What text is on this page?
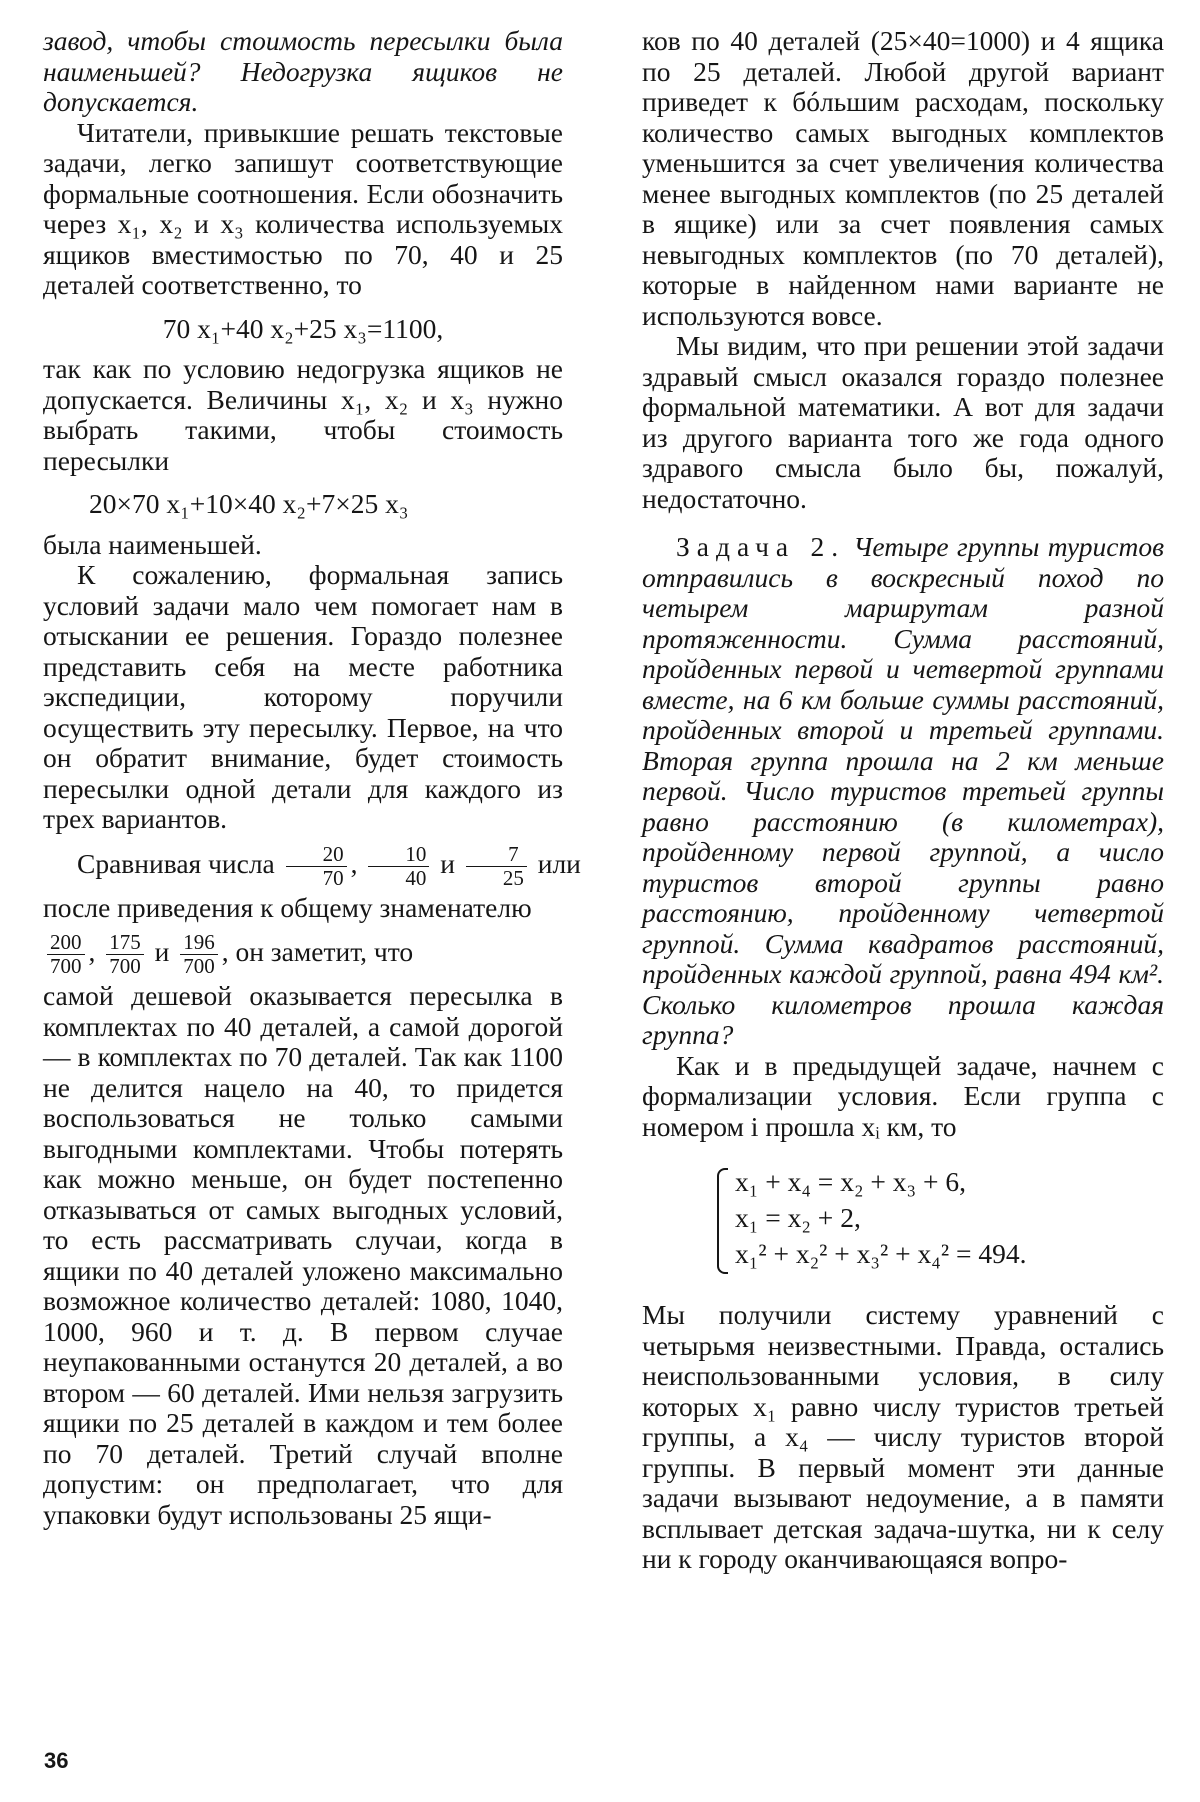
завод, чтобы стоимость пересылки была наименьшей? Недогрузка ящиков не допускается.

Читатели, привыкшие решать текстовые задачи, легко запишут соответствующие формальные соотношения. Если обозначить через x₁, x₂ и x₃ количества используемых ящиков вместимостью по 70, 40 и 25 деталей соответственно, то

70 x₁+40 x₂+25 x₃=1100,

так как по условию недогрузка ящиков не допускается. Величины x₁, x₂ и x₃ нужно выбрать такими, чтобы стоимость пересылки

20×70 x₁+10×40 x₂+7×25 x₃

была наименьшей.

К сожалению, формальная запись условий задачи мало чем помогает нам в отыскании ее решения. Гораздо полезнее представить себя на месте работника экспедиции, которому поручили осуществить эту пересылку. Первое, на что он обратит внимание, будет стоимость пересылки одной детали для каждого из трех вариантов.

Сравнивая числа $\frac{20}{70}$ , $\frac{10}{40}$ и $\frac{7}{25}$ или

после приведения к общему знаменателю

$\frac{200}{700}$ , $\frac{175}{700}$ и $\frac{196}{700}$ , он заметит, что

самой дешевой оказывается пересылка в комплектах по 40 деталей, а самой дорогой — в комплектах по 70 деталей. Так как 1100 не делится нацело на 40, то придется воспользоваться не только самыми выгодными комплектами. Чтобы потерять как можно меньше, он будет постепенно отказываться от самых выгодных условий, то есть рассматривать случаи, когда в ящики по 40 деталей уложено максимально возможное количество деталей: 1080, 1040, 1000, 960 и т. д. В первом случае неупакованными останутся 20 деталей, а во втором — 60 деталей. Ими нельзя загрузить ящики по 25 деталей в каждом и тем более по 70 деталей. Третий случай вполне допустим: он предполагает, что для упаковки будут использованы 25 ящи-

ков по 40 деталей (25×40=1000) и 4 ящика по 25 деталей. Любой другой вариант приведет к бóльшим расходам, поскольку количество самых выгодных комплектов уменьшится за счет увеличения количества менее выгодных комплектов (по 25 деталей в ящике) или за счет появления самых невыгодных комплектов (по 70 деталей), которые в найденном нами варианте не используются вовсе.

Мы видим, что при решении этой задачи здравый смысл оказался гораздо полезнее формальной математики. А вот для задачи из другого варианта того же года одного здравого смысла было бы, пожалуй, недостаточно.

Задача 2. Четыре группы туристов отправились в воскресный поход по четырем маршрутам разной протяженности. Сумма расстояний, пройденных первой и четвертой группами вместе, на 6 км больше суммы расстояний, пройденных второй и третьей группами. Вторая группа прошла на 2 км меньше первой. Число туристов третьей группы равно расстоянию (в километрах), пройденному первой группой, а число туристов второй группы равно расстоянию, пройденному четвертой группой. Сумма квадратов расстояний, пройденных каждой группой, равна 494 км². Сколько километров прошла каждая группа?

Как и в предыдущей задаче, начнем с формализации условия. Если группа с номером i прошла xᵢ км, то

x₁ + x₄ = x₂ + x₃ + 6,
x₁ = x₂ + 2,
x₁² + x₂² + x₃² + x₄² = 494.

Мы получили систему уравнений с четырьмя неизвестными. Правда, остались неиспользованными условия, в силу которых x₁ равно числу туристов третьей группы, а x₄ — числу туристов второй группы. В первый момент эти данные задачи вызывают недоумение, а в памяти всплывает детская задача-шутка, ни к селу ни к городу оканчивающаяся вопро-

36
